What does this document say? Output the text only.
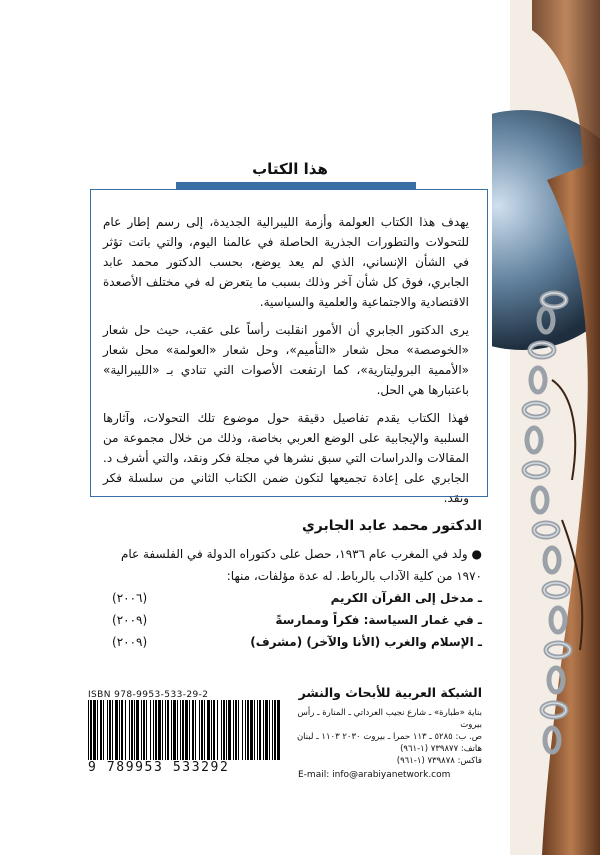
هذا الكتاب

يهدف هذا الكتاب العولمة وأزمة الليبرالية الجديدة، إلى رسم إطار عام للتحولات والتطورات الجذرية الحاصلة في عالمنا اليوم، والتي باتت تؤثر في الشأن الإنساني، الذي لم يعد يوضع، بحسب الدكتور محمد عابد الجابري، فوق كل شأن آخر وذلك بسبب ما يتعرض له في مختلف الأصعدة الاقتصادية والاجتماعية والعلمية والسياسية.

يرى الدكتور الجابري أن الأمور انقلبت رأساً على عقب، حيث حل شعار «الخوصصة» محل شعار «التأميم»، وحل شعار «العولمة» محل شعار «الأممية البروليتارية»، كما ارتفعت الأصوات التي تنادي بـ «الليبرالية» باعتبارها هي الحل.

فهذا الكتاب يقدم تفاصيل دقيقة حول موضوع تلك التحولات، وآثارها السلبية والإيجابية على الوضع العربي بخاصة، وذلك من خلال مجموعة من المقالات والدراسات التي سبق نشرها في مجلة فكر ونقد، والتي أشرف د. الجابري على إعادة تجميعها لتكون ضمن الكتاب الثاني من سلسلة فكر ونقد.

الدكتور محمد عابد الجابري
● ولد في المغرب عام ١٩٣٦، حصل على دكتوراه الدولة في الفلسفة عام ١٩٧٠ من كلية الآداب بالرباط. له عدة مؤلفات، منها:
ـ مدخل إلى القرآن الكريم
(٢٠٠٦)
ـ في غمار السياسة: فكراً وممارسةً
(٢٠٠٩)
ـ الإسلام والغرب (الأنا والآخر) (مشرف)
(٢٠٠٩)
ISBN 978-9953-533-29-2
9 789953 533292
الشبكة العربية للأبحاث والنشر
بناية «طبارة» ـ شارع نجيب العرداتي ـ المنارة ـ رأس بيروت
ص. ب: ٥٢٨٥ ـ ١١٣ حمرا ـ بيروت ٢٠٣٠ ١١٠٣ ـ لبنان
هاتف: ٧٣٩٨٧٧ (١-٩٦١)
فاكس: ٧٣٩٨٧٨ (١-٩٦١)
E-mail: info@arabiyanetwork.com
